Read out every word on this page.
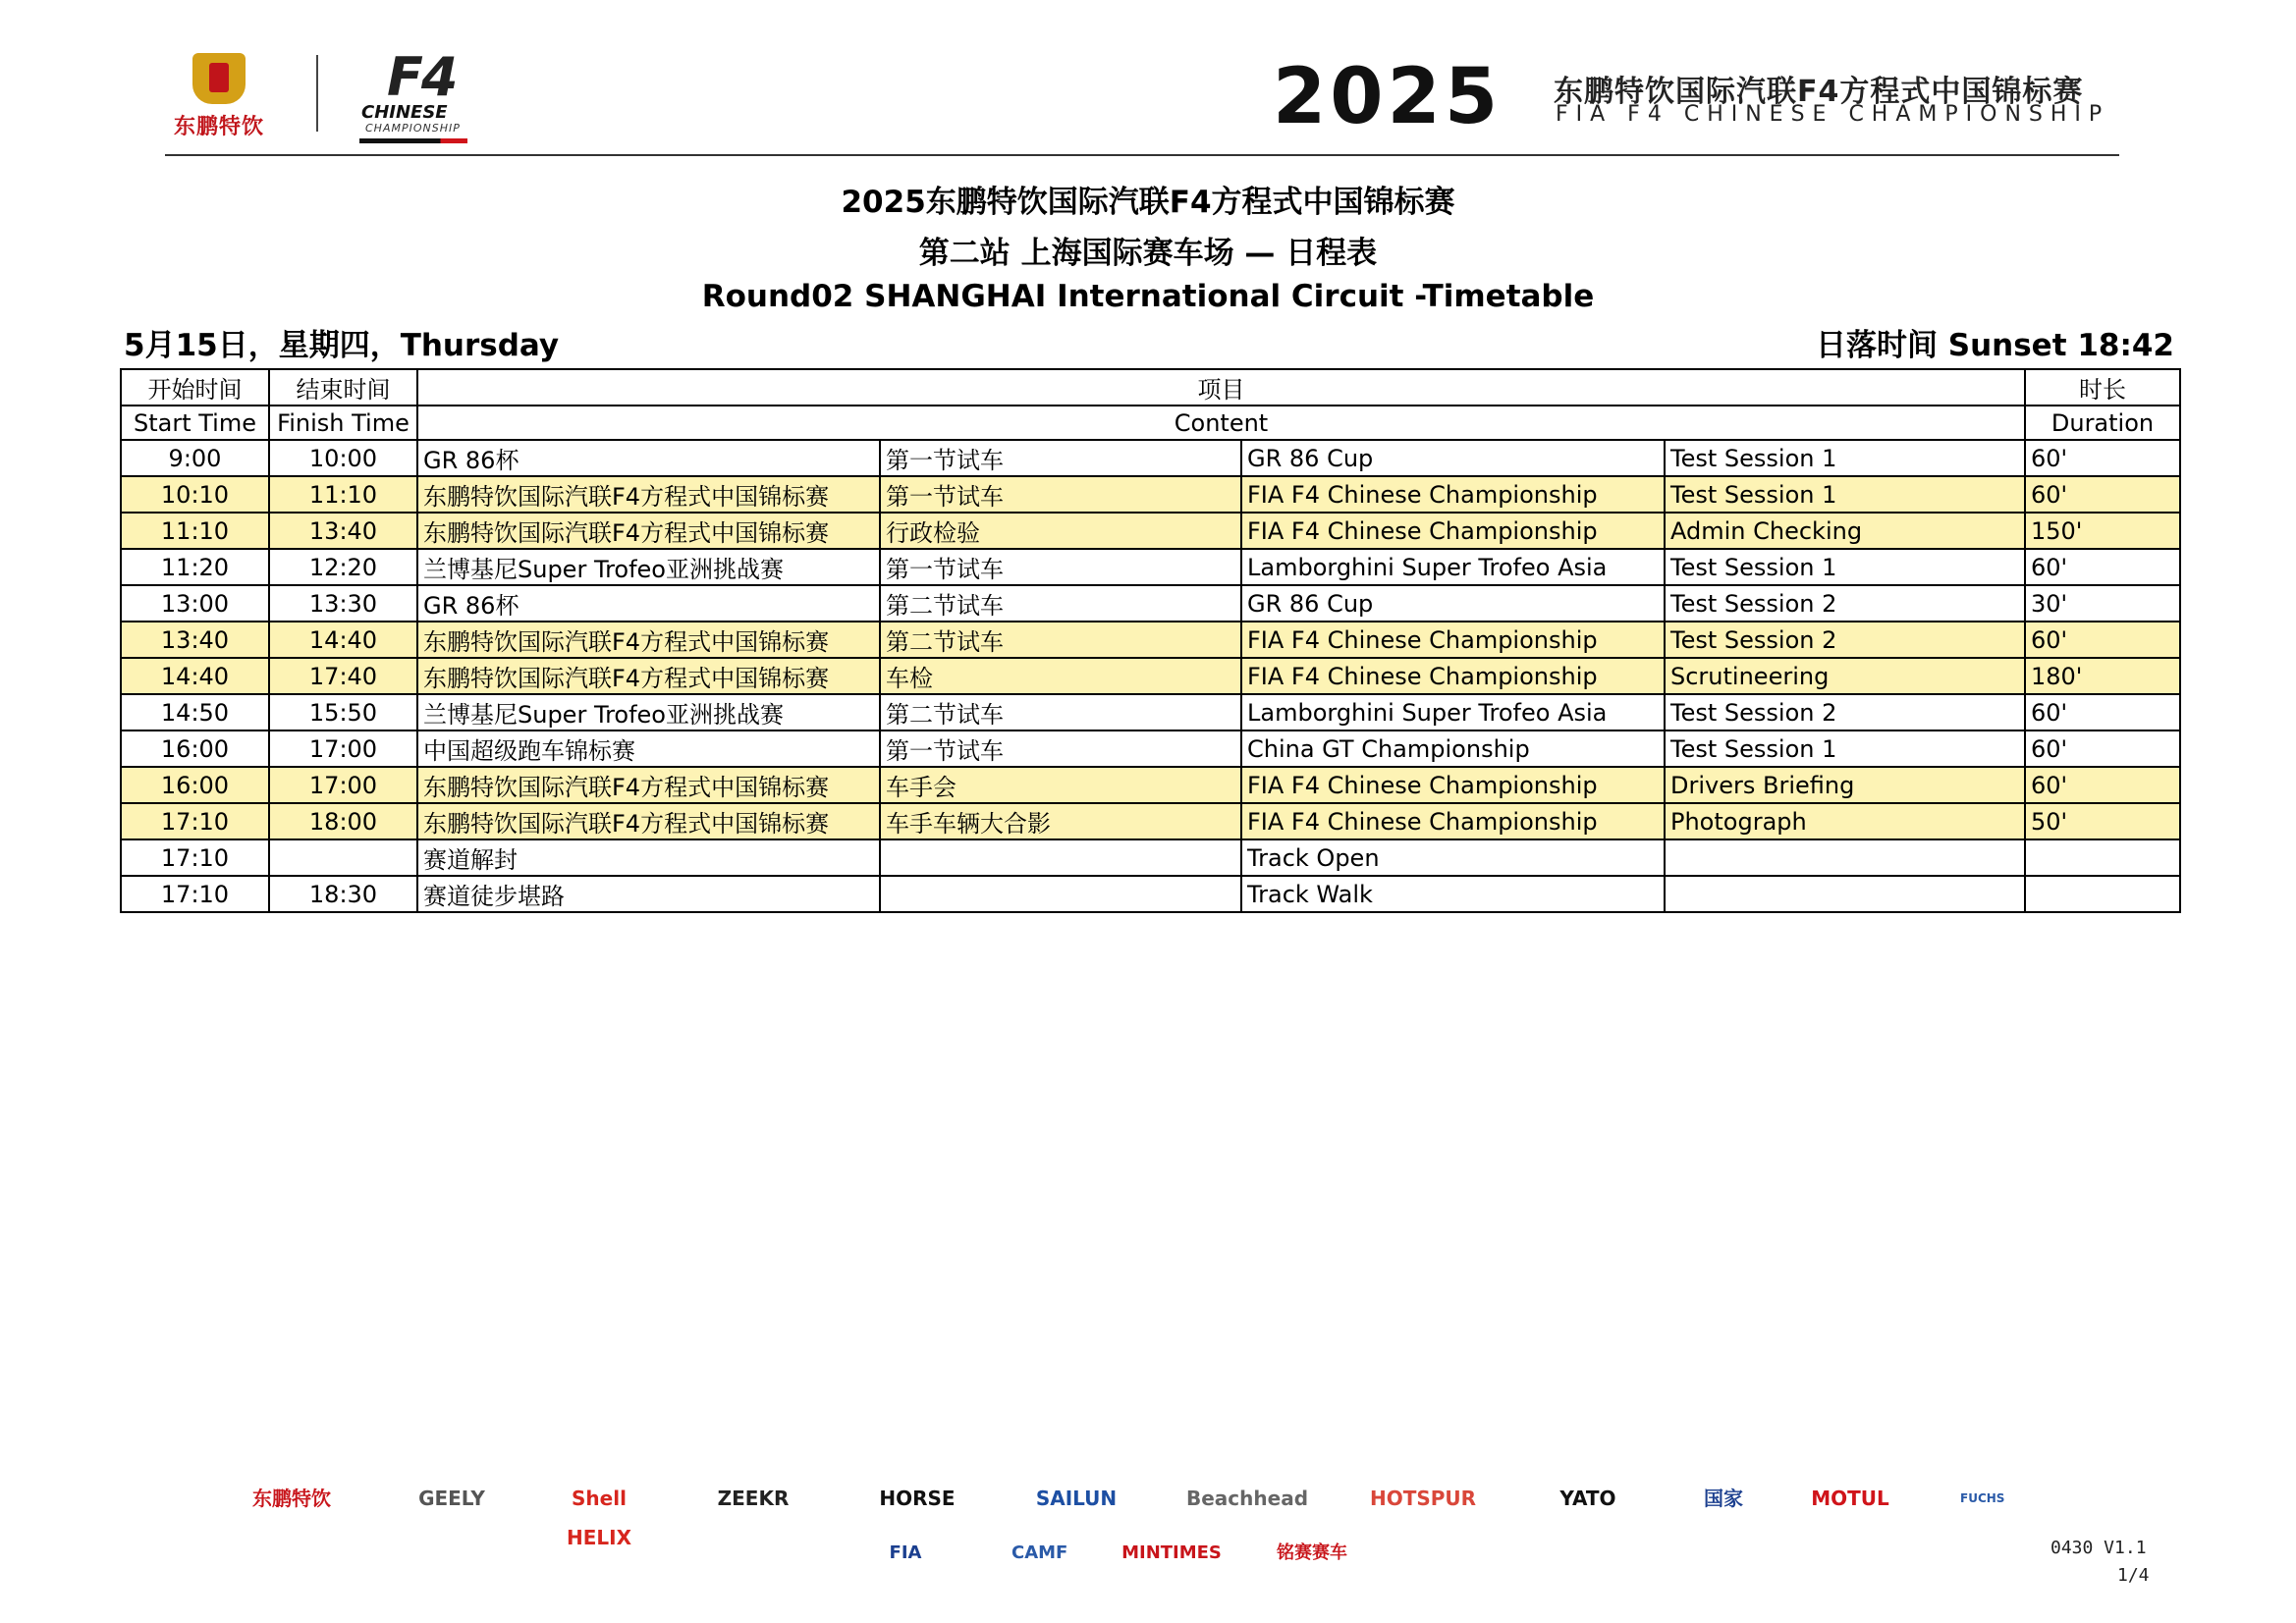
东鹏特饮
F4
CHINESE
CHAMPIONSHIP	2025 东鹏特饮国际汽联F4方程式中国锦标赛
FIA F4 CHINESE CHAMPIONSHIP
2025东鹏特饮国际汽联F4方程式中国锦标赛
第二站 上海国际赛车场 — 日程表
Round02 SHANGHAI International Circuit -Timetable
5月15日，星期四，Thursday	日落时间 Sunset 18:42
开始时间	结束时间	项目				时长
Start Time	Finish Time	Content				Duration
9:00	10:00	GR 86杯	第一节试车	GR 86 Cup	Test Session 1	60'
10:10	11:10	东鹏特饮国际汽联F4方程式中国锦标赛	第一节试车	FIA F4 Chinese Championship	Test Session 1	60'
11:10	13:40	东鹏特饮国际汽联F4方程式中国锦标赛	行政检验	FIA F4 Chinese Championship	Admin Checking	150'
11:20	12:20	兰博基尼Super Trofeo亚洲挑战赛	第一节试车	Lamborghini Super Trofeo Asia	Test Session 1	60'
13:00	13:30	GR 86杯	第二节试车	GR 86 Cup	Test Session 2	30'
13:40	14:40	东鹏特饮国际汽联F4方程式中国锦标赛	第二节试车	FIA F4 Chinese Championship	Test Session 2	60'
14:40	17:40	东鹏特饮国际汽联F4方程式中国锦标赛	车检	FIA F4 Chinese Championship	Scrutineering	180'
14:50	15:50	兰博基尼Super Trofeo亚洲挑战赛	第二节试车	Lamborghini Super Trofeo Asia	Test Session 2	60'
16:00	17:00	中国超级跑车锦标赛	第一节试车	China GT Championship	Test Session 1	60'
16:00	17:00	东鹏特饮国际汽联F4方程式中国锦标赛	车手会	FIA F4 Chinese Championship	Drivers Briefing	60'
17:10	18:00	东鹏特饮国际汽联F4方程式中国锦标赛	车手车辆大合影	FIA F4 Chinese Championship	Photograph	50'
17:10		赛道解封		Track Open		
17:10	18:30	赛道徒步堪路		Track Walk		
东鹏特饮	GEELY	Shell HELIX
ZEEKR	HORSE	SAILUN	Beachhead	HOTSPUR	YATO	国家	MOTUL	FUCHS
FIA	CAMF	MINTIMES	铭赛赛车	0430 V1.1
1/4
